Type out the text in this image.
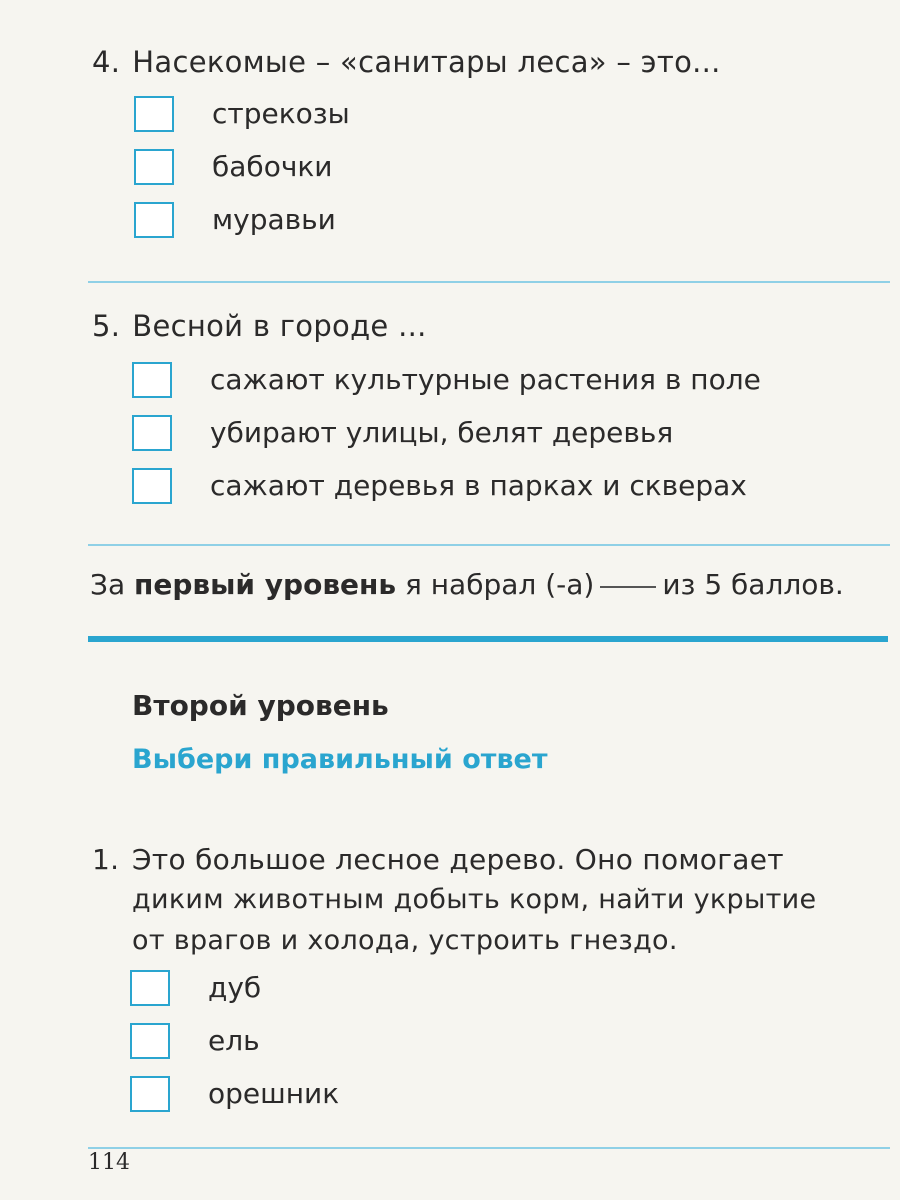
4. Насекомые – «санитары леса» – это...
стрекозы
бабочки
муравьи
5. Весной в городе ...
сажают культурные растения в поле
убирают улицы, белят деревья
сажают деревья в парках и скверах
За первый уровень я набрал (-а) из 5 баллов.
Второй уровень
Выбери правильный ответ
1. Это большое лесное дерево. Оно помогает
диким животным добыть корм, найти укрытие
от врагов и холода, устроить гнездо.
дуб
ель
орешник
114
